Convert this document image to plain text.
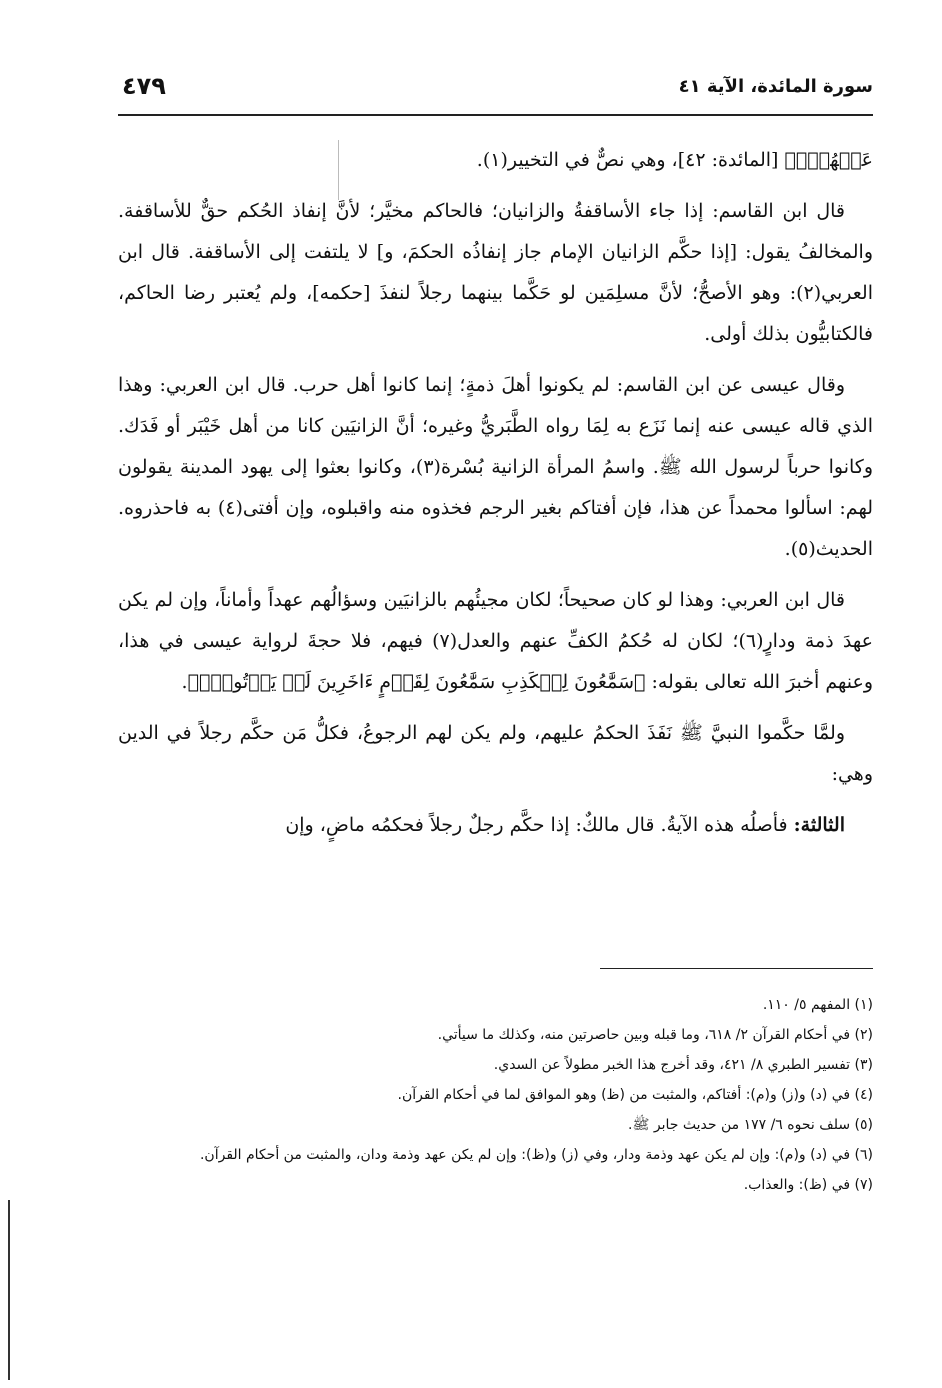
سورة المائدة، الآية ٤١
٤٧٩

عَنۡهُمۡۖ﴾ [المائدة: ٤٢]، وهي نصٌّ في التخيير(١).

قال ابن القاسم: إذا جاء الأساقفةُ والزانيان؛ فالحاكم مخيَّر؛ لأنَّ إنفاذ الحُكم حقٌّ للأساقفة. والمخالفُ يقول: [إذا حكَّم الزانيان الإمام جاز إنفاذُه الحكمَ، و] لا يلتفت إلى الأساقفة. قال ابن العربي(٢): وهو الأصحُّ؛ لأنَّ مسلِمَين لو حَكَّما بينهما رجلاً لنفذَ [حكمه]، ولم يُعتبر رضا الحاكم، فالكتابيُّون بذلك أولى.

وقال عيسى عن ابن القاسم: لم يكونوا أهلَ ذمةٍ؛ إنما كانوا أهل حرب. قال ابن العربي: وهذا الذي قاله عيسى عنه إنما نَزَع به لِمَا رواه الطَّبَريُّ وغيره؛ أنَّ الزانيَين كانا من أهل خَيْبَر أو فَدَك. وكانوا حرباً لرسول الله ﷺ. واسمُ المرأة الزانية بُسْرة(٣)، وكانوا بعثوا إلى يهود المدينة يقولون لهم: اسألوا محمداً عن هذا، فإن أفتاكم بغير الرجم فخذوه منه واقبلوه، وإن أفتى(٤) به فاحذروه. الحديث(٥).

قال ابن العربي: وهذا لو كان صحيحاً؛ لكان مجيئُهم بالزانيَين وسؤالُهم عهداً وأماناً، وإن لم يكن عهدَ ذمة ودارٍ(٦)؛ لكان له حُكمُ الكفِّ عنهم والعدل(٧) فيهم، فلا حجةَ لرواية عيسى في هذا، وعنهم أخبرَ الله تعالى بقوله: ﴿سَمَّٰعُونَ لِلۡكَذِبِ سَمَّٰعُونَ لِقَوۡمٍ ءَاخَرِينَ لَمۡ يَأۡتُوكَۖ﴾.

ولمَّا حكَّموا النبيَّ ﷺ نَفَذَ الحكمُ عليهم، ولم يكن لهم الرجوعُ، فكلُّ مَن حكَّم رجلاً في الدين وهي:

الثالثة: فأصلُه هذه الآيةُ. قال مالكٌ: إذا حكَّم رجلٌ رجلاً فحكمُه ماضٍ، وإن

(١) المفهم ٥/ ١١٠.
(٢) في أحكام القرآن ٢/ ٦١٨، وما قبله وبين حاصرتين منه، وكذلك ما سيأتي.
(٣) تفسير الطبري ٨/ ٤٢١، وقد أخرج هذا الخبر مطولاً عن السدي.
(٤) في (د) و(ز) و(م): أفتاكم، والمثبت من (ظ) وهو الموافق لما في أحكام القرآن.
(٥) سلف نحوه ٦/ ١٧٧ من حديث جابر ﷺ.
(٦) في (د) و(م): وإن لم يكن عهد وذمة ودار، وفي (ز) و(ظ): وإن لم يكن عهد وذمة ودان، والمثبت من أحكام القرآن.
(٧) في (ظ): والعذاب.
